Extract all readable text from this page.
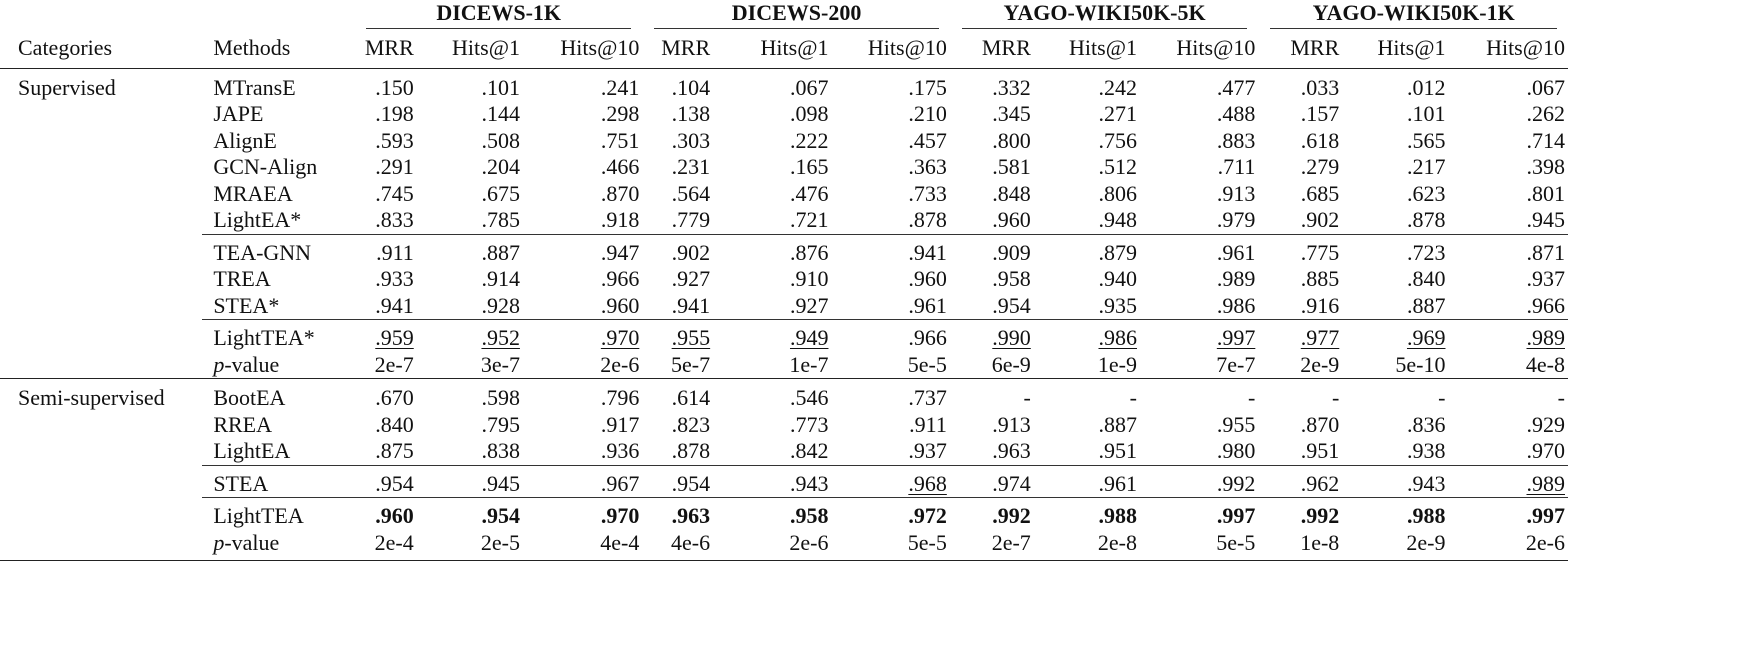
		DICEWS-1K			DICEWS-200			YAGO-WIKI50K-5K			YAGO-WIKI50K-1K		

Categories	Methods	MRR	Hits@1	Hits@10	MRR	Hits@1	Hits@10	MRR	Hits@1	Hits@10	MRR	Hits@1	Hits@10
Supervised	MTransE	.150	.101	.241	.104	.067	.175	.332	.242	.477	.033	.012	.067
	JAPE	.198	.144	.298	.138	.098	.210	.345	.271	.488	.157	.101	.262
	AlignE	.593	.508	.751	.303	.222	.457	.800	.756	.883	.618	.565	.714
	GCN-Align	.291	.204	.466	.231	.165	.363	.581	.512	.711	.279	.217	.398
	MRAEA	.745	.675	.870	.564	.476	.733	.848	.806	.913	.685	.623	.801
	LightEA*	.833	.785	.918	.779	.721	.878	.960	.948	.979	.902	.878	.945
	TEA-GNN	.911	.887	.947	.902	.876	.941	.909	.879	.961	.775	.723	.871
	TREA	.933	.914	.966	.927	.910	.960	.958	.940	.989	.885	.840	.937
	STEA*	.941	.928	.960	.941	.927	.961	.954	.935	.986	.916	.887	.966
	LightTEA*	.959	.952	.970	.955	.949	.966	.990	.986	.997	.977	.969	.989
	p-value	2e-7	3e-7	2e-6	5e-7	1e-7	5e-5	6e-9	1e-9	7e-7	2e-9	5e-10	4e-8
Semi-supervised	BootEA	.670	.598	.796	.614	.546	.737	-	-	-	-	-	-
	RREA	.840	.795	.917	.823	.773	.911	.913	.887	.955	.870	.836	.929
	LightEA	.875	.838	.936	.878	.842	.937	.963	.951	.980	.951	.938	.970
	STEA	.954	.945	.967	.954	.943	.968	.974	.961	.992	.962	.943	.989
	LightTEA	.960	.954	.970	.963	.958	.972	.992	.988	.997	.992	.988	.997
	p-value	2e-4	2e-5	4e-4	4e-6	2e-6	5e-5	2e-7	2e-8	5e-5	1e-8	2e-9	2e-6
